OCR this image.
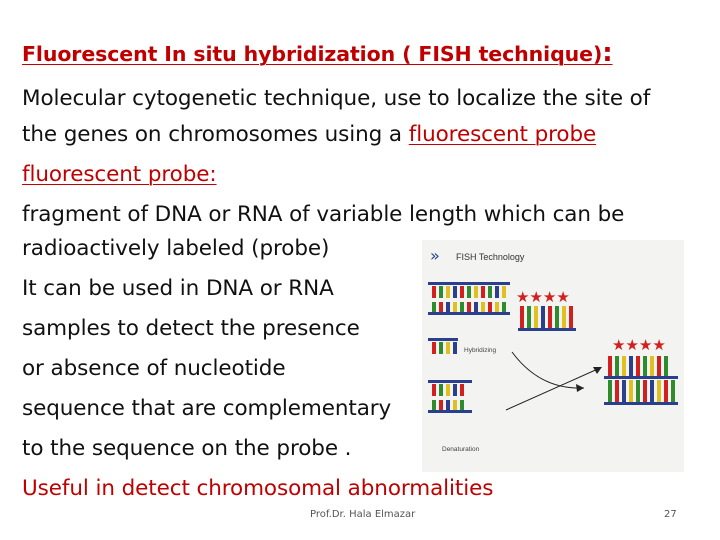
Fluorescent In situ hybridization ( FISH technique):
Molecular cytogenetic technique, use to localize the site of
the genes on chromosomes using a fluorescent probe
fluorescent probe:
fragment of DNA or RNA of variable length which can be
radioactively labeled (probe)
It can be used in DNA or RNA
samples to detect the presence
or absence of nucleotide
sequence that are complementary
to the sequence on the probe .
Useful in detect chromosomal abnormalities
» FISH Technology
★★★★
Hybridizing	★★★★
Denaturation
Prof.Dr. Hala Elmazar	27
